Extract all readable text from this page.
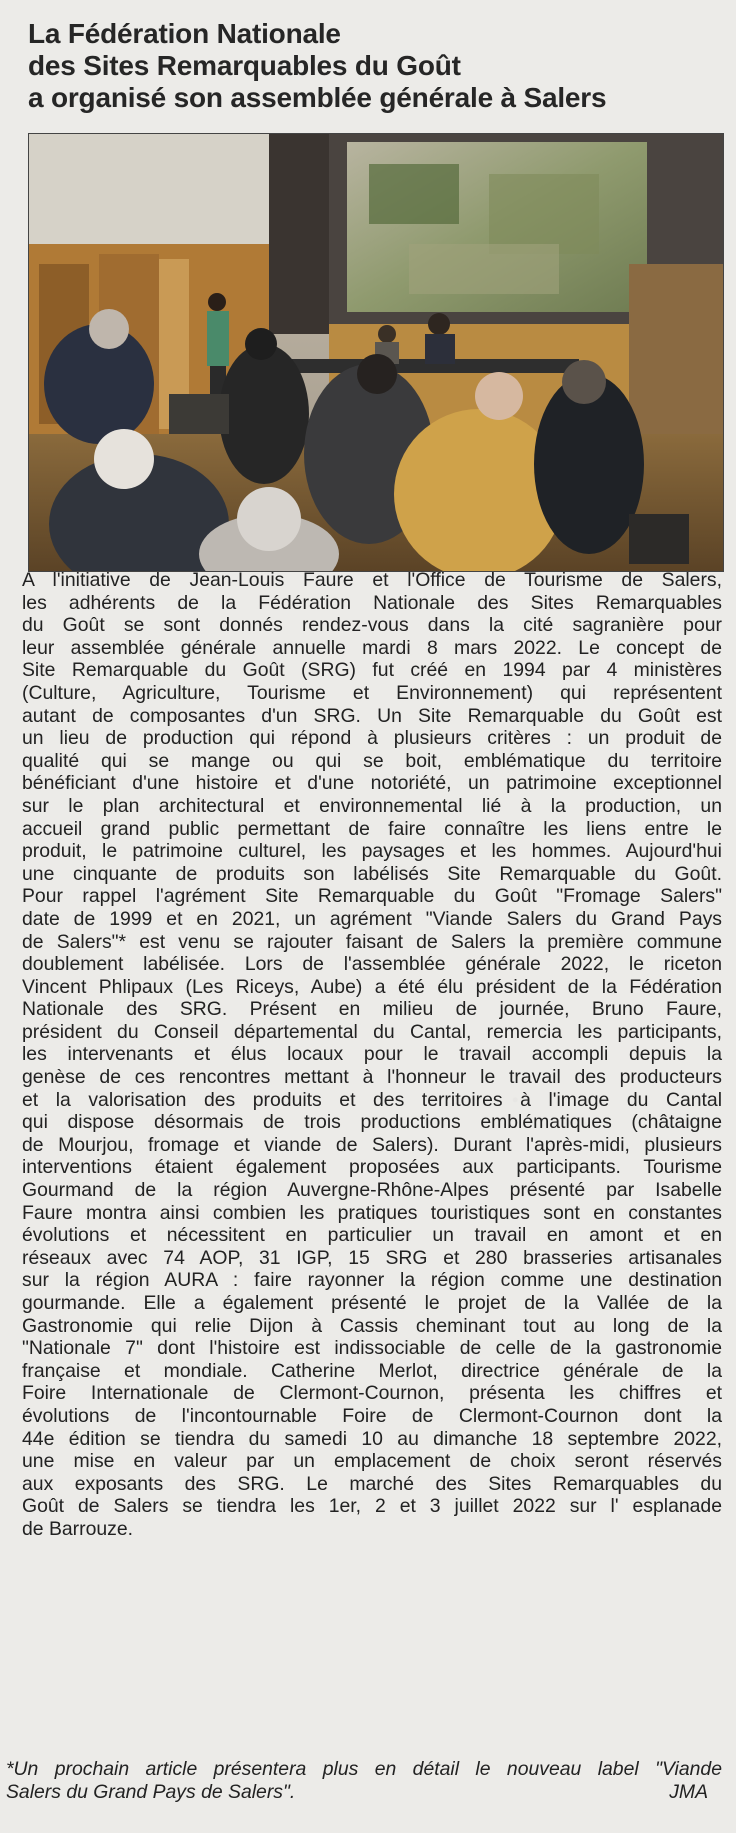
La Fédération Nationale
des Sites Remarquables du Goût
a organisé son assemblée générale à Salers
A l'initiative de Jean-Louis Faure et l'Office de Tourisme de Salers,
les adhérents de la Fédération Nationale des Sites Remarquables
du Goût se sont donnés rendez-vous dans la cité sagranière pour
leur assemblée générale annuelle mardi 8 mars 2022. Le concept de
Site Remarquable du Goût (SRG) fut créé en 1994 par 4 ministères
(Culture, Agriculture, Tourisme et Environnement) qui représentent
autant de composantes d'un SRG. Un Site Remarquable du Goût est
un lieu de production qui répond à plusieurs critères : un produit de
qualité qui se mange ou qui se boit, emblématique du territoire
bénéficiant d'une histoire et d'une notoriété, un patrimoine exceptionnel
sur le plan architectural et environnemental lié à la production, un
accueil grand public permettant de faire connaître les liens entre le
produit, le patrimoine culturel, les paysages et les hommes. Aujourd'hui
une cinquante de produits son labélisés Site Remarquable du Goût.
Pour rappel l'agrément Site Remarquable du Goût "Fromage Salers"
date de 1999 et en 2021, un agrément "Viande Salers du Grand Pays
de Salers"* est venu se rajouter faisant de Salers la première commune
doublement labélisée. Lors de l'assemblée générale 2022, le riceton
Vincent Phlipaux (Les Riceys, Aube) a été élu président de la Fédération
Nationale des SRG. Présent en milieu de journée, Bruno Faure,
président du Conseil départemental du Cantal, remercia les participants,
les intervenants et élus locaux pour le travail accompli depuis la
genèse de ces rencontres mettant à l'honneur le travail des producteurs
et la valorisation des produits et des territoires à l'image du Cantal
qui dispose désormais de trois productions emblématiques (châtaigne
de Mourjou, fromage et viande de Salers). Durant l'après-midi, plusieurs
interventions étaient également proposées aux participants. Tourisme
Gourmand de la région Auvergne-Rhône-Alpes présenté par Isabelle
Faure montra ainsi combien les pratiques touristiques sont en constantes
évolutions et nécessitent en particulier un travail en amont et en
réseaux avec 74 AOP, 31 IGP, 15 SRG et 280 brasseries artisanales
sur la région AURA : faire rayonner la région comme une destination
gourmande. Elle a également présenté le projet de la Vallée de la
Gastronomie qui relie Dijon à Cassis cheminant tout au long de la
"Nationale 7" dont l'histoire est indissociable de celle de la gastronomie
française et mondiale. Catherine Merlot, directrice générale de la
Foire Internationale de Clermont-Cournon, présenta les chiffres et
évolutions de l'incontournable Foire de Clermont-Cournon dont la
44e édition se tiendra du samedi 10 au dimanche 18 septembre 2022,
une mise en valeur par un emplacement de choix seront réservés
aux exposants des SRG. Le marché des Sites Remarquables du
Goût de Salers se tiendra les 1er, 2 et 3 juillet 2022 sur l' esplanade
de Barrouze.
*Un prochain article présentera plus en détail le nouveau label "Viande
Salers du Grand Pays de Salers".	JMA
